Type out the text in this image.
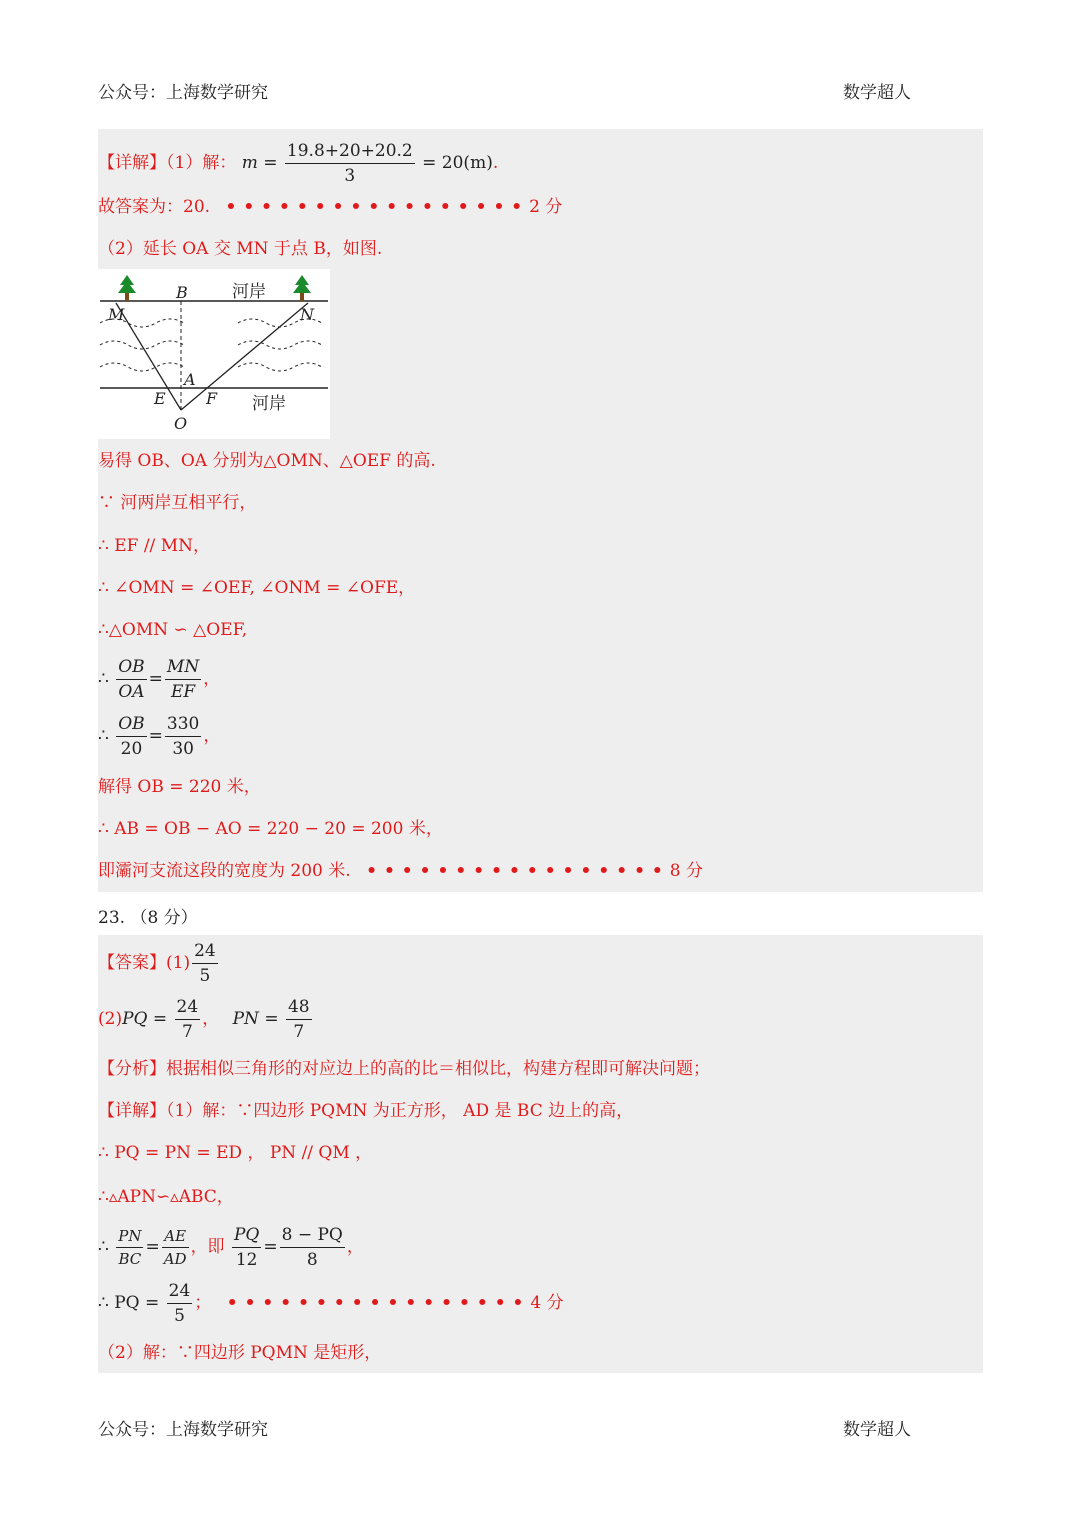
公众号：上海数学研究	数学超人
【详解】（1）解： $m = \frac{19.8+20+20.2}{3} = 20(m)$.
故答案为：20. •••••••••••••••••2 分
（2）延长 OA 交 MN 于点 B，如图.
B
M	N
A
E	F
O
河岸
河岸
易得 OB、OA 分别为△OMN、△OEF 的高.
∵ 河两岸互相平行，
∴ EF // MN，
∴ ∠OMN = ∠OEF, ∠ONM = ∠OFE，
∴△OMN ∽ △OEF,
∴ $\frac{OB}{OA} = \frac{MN}{EF}$ ，
∴ $\frac{OB}{20} = \frac{330}{30}$ ，
解得 OB = 220 米，
∴ AB = OB − AO = 220 − 20 = 200 米，
即灞河支流这段的宽度为 200 米. •••••••••••••••••8 分
23. （8 分）
【答案】$(1) \frac{24}{5}$
$(2)PQ = \frac{24}{7}$ ， PN = $\frac{48}{7}$
【分析】根据相似三角形的对应边上的高的比＝相似比，构建方程即可解决问题；
【详解】（1）解：∵四边形 PQMN 为正方形， AD 是 BC 边上的高，
∴ PQ = PN = ED ， PN // QM ，
∴▵APN∽▵ABC，
∴ $\frac{PN}{BC} = \frac{AE}{AD}$ ，即 $\frac{PQ}{12} = \frac{8 - PQ}{8}$ ，
∴ PQ = $\frac{24}{5}$ ； •••••••••••••••••4 分
（2）解：∵四边形 PQMN 是矩形，
公众号：上海数学研究	数学超人
